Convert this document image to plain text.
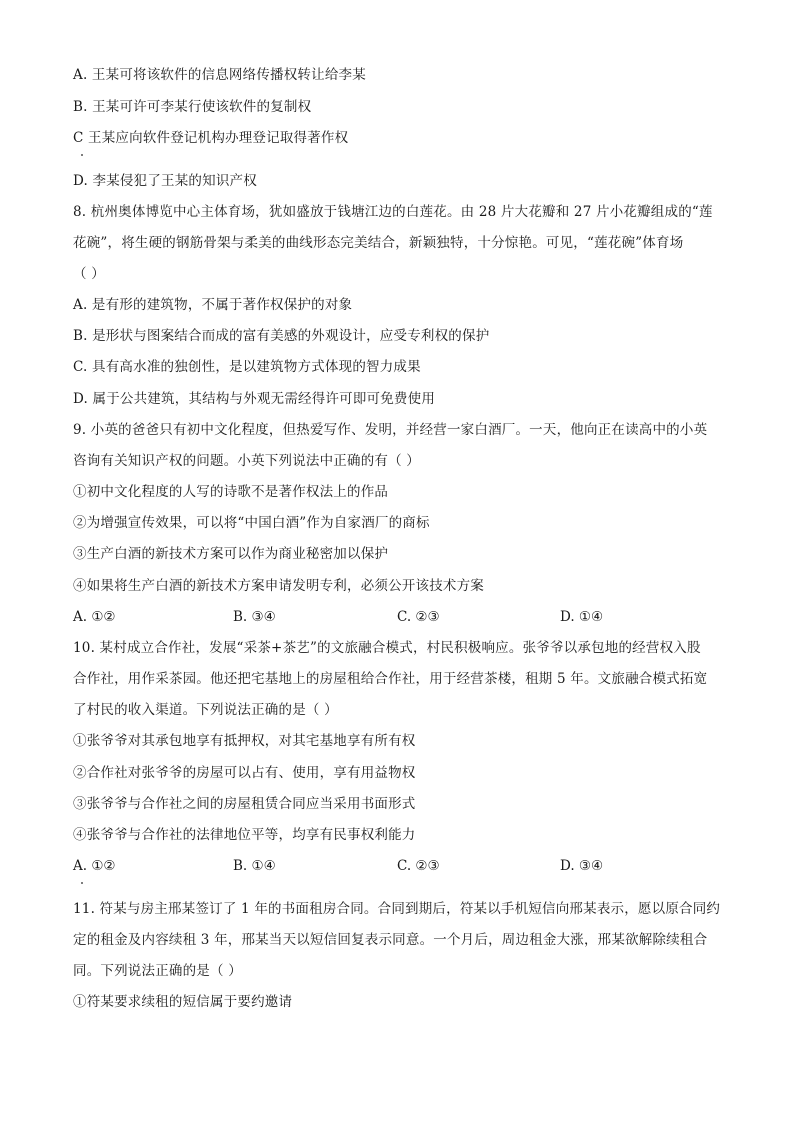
A. 王某可将该软件的信息网络传播权转让给李某
B. 王某可许可李某行使该软件的复制权
C 王某应向软件登记机构办理登记取得著作权
D. 李某侵犯了王某的知识产权
8. 杭州奥体博览中心主体育场，犹如盛放于钱塘江边的白莲花。由 28 片大花瓣和 27 片小花瓣组成的“莲
花碗”，将生硬的钢筋骨架与柔美的曲线形态完美结合，新颖独特，十分惊艳。可见，“莲花碗”体育场
（ ）
A. 是有形的建筑物，不属于著作权保护的对象
B. 是形状与图案结合而成的富有美感的外观设计，应受专利权的保护
C. 具有高水准的独创性，是以建筑物方式体现的智力成果
D. 属于公共建筑，其结构与外观无需经得许可即可免费使用
9. 小英的爸爸只有初中文化程度，但热爱写作、发明，并经营一家白酒厂。一天，他向正在读高中的小英
咨询有关知识产权的问题。小英下列说法中正确的有（ ）
①初中文化程度的人写的诗歌不是著作权法上的作品
②为增强宣传效果，可以将“中国白酒”作为自家酒厂的商标
③生产白酒的新技术方案可以作为商业秘密加以保护
④如果将生产白酒的新技术方案申请发明专利，必须公开该技术方案
A. ①②	B. ③④	C. ②③	D. ①④
10. 某村成立合作社，发展“采茶+茶艺”的文旅融合模式，村民积极响应。张爷爷以承包地的经营权入股
合作社，用作采茶园。他还把宅基地上的房屋租给合作社，用于经营茶楼，租期 5 年。文旅融合模式拓宽
了村民的收入渠道。下列说法正确的是（ ）
①张爷爷对其承包地享有抵押权，对其宅基地享有所有权
②合作社对张爷爷的房屋可以占有、使用，享有用益物权
③张爷爷与合作社之间的房屋租赁合同应当采用书面形式
④张爷爷与合作社的法律地位平等，均享有民事权利能力
A. ①②	B. ①④	C. ②③	D. ③④
11. 符某与房主邢某签订了 1 年的书面租房合同。合同到期后，符某以手机短信向邢某表示，愿以原合同约
定的租金及内容续租 3 年，邢某当天以短信回复表示同意。一个月后，周边租金大涨，邢某欲解除续租合
同。下列说法正确的是（ ）
①符某要求续租的短信属于要约邀请
